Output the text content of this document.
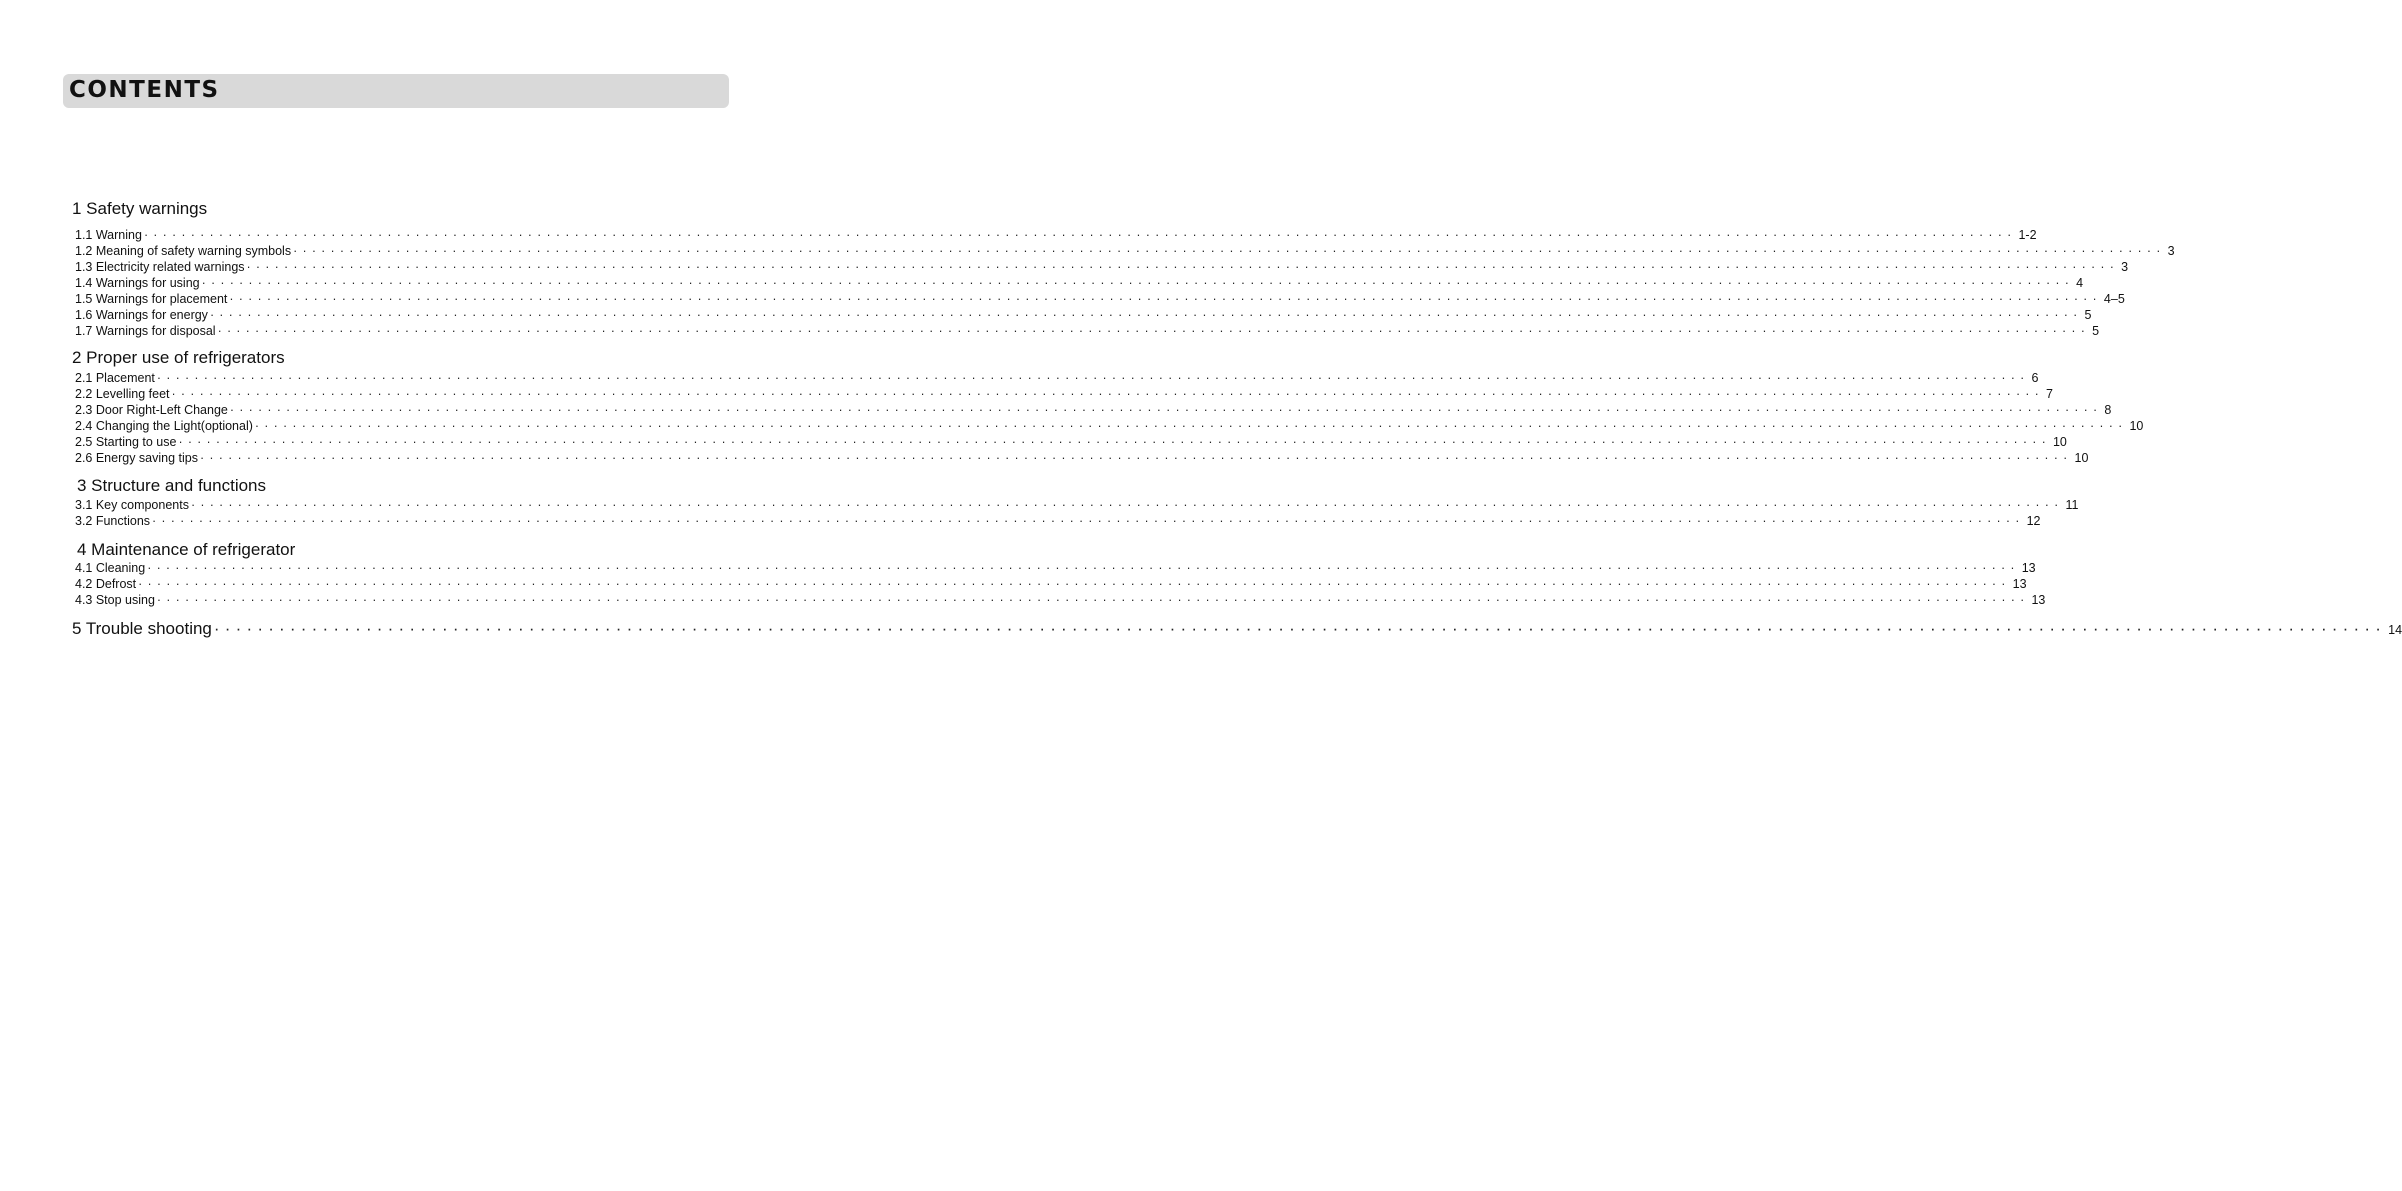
CONTENTS
1 Safety warnings
1.1 Warning ········································································································································································································ 1-2
1.2 Meaning of safety warning symbols ········································································································································································································ 3
1.3 Electricity related warnings ········································································································································································································ 3
1.4 Warnings for using ········································································································································································································ 4
1.5 Warnings for placement ········································································································································································································ 4–5
1.6 Warnings for energy ········································································································································································································ 5
1.7 Warnings for disposal ········································································································································································································ 5
2 Proper use of refrigerators
2.1 Placement ········································································································································································································ 6
2.2 Levelling feet ········································································································································································································ 7
2.3 Door Right-Left Change ········································································································································································································ 8
2.4 Changing the Light(optional) ········································································································································································································ 10
2.5 Starting to use ········································································································································································································ 10
2.6 Energy saving tips ········································································································································································································ 10
3 Structure and functions
3.1 Key components ········································································································································································································ 11
3.2 Functions ········································································································································································································ 12
4 Maintenance of refrigerator
4.1 Cleaning ········································································································································································································ 13
4.2 Defrost ········································································································································································································ 13
4.3 Stop using ········································································································································································································ 13
5 Trouble shooting ········································································································································································································ 14
